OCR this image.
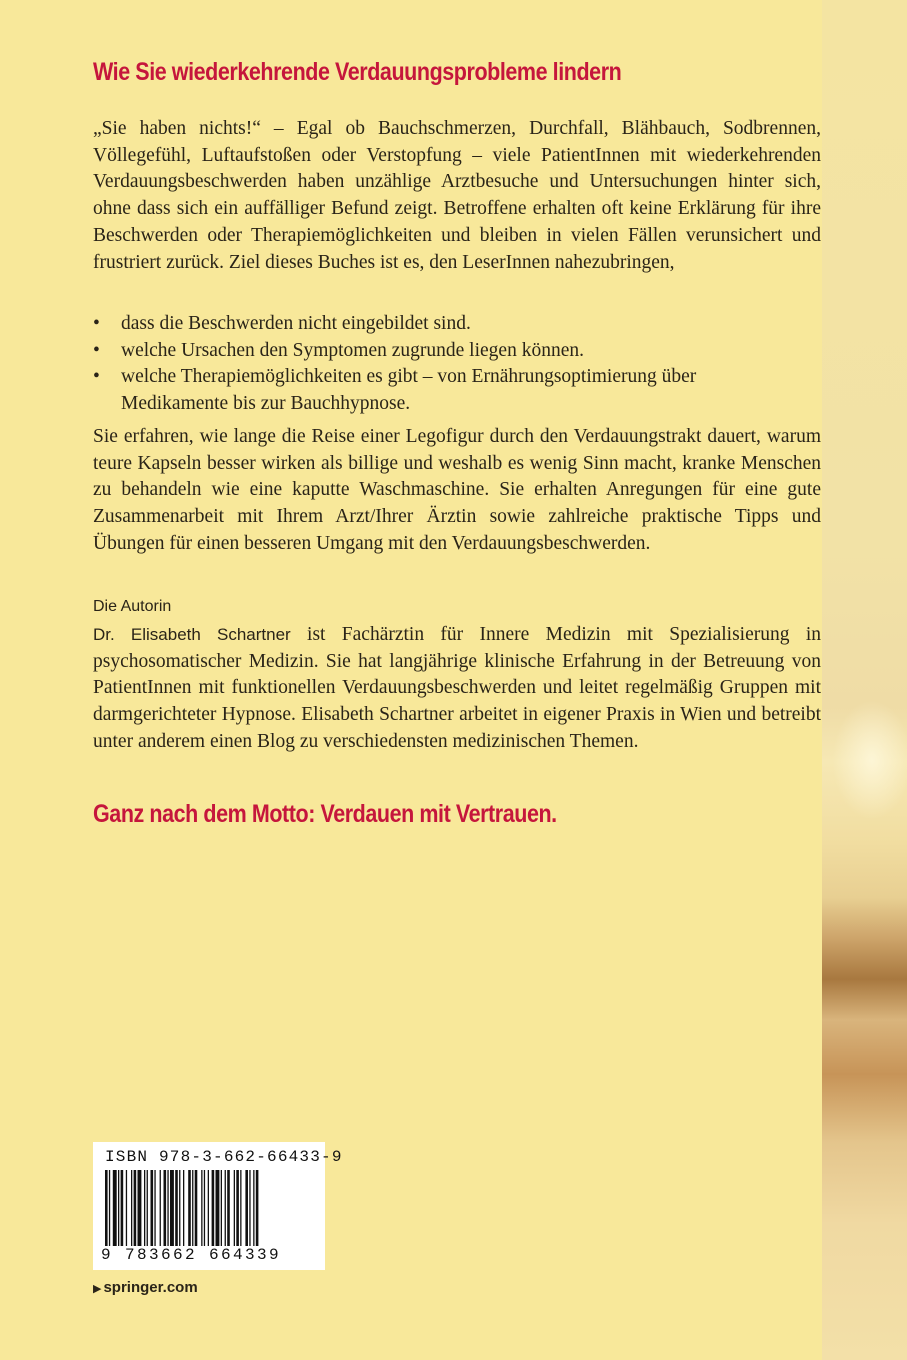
Wie Sie wiederkehrende Verdauungsprobleme lindern

„Sie haben nichts!“ – Egal ob Bauchschmerzen, Durchfall, Blähbauch, Sodbrennen, Völlegefühl, Luftaufstoßen oder Verstopfung – viele PatientInnen mit wiederkehrenden Verdauungsbeschwerden haben unzählige Arztbesuche und Untersuchungen hinter sich, ohne dass sich ein auffälliger Befund zeigt. Betroffene erhalten oft keine Erklärung für ihre Beschwerden oder Therapiemöglichkeiten und bleiben in vielen Fällen verunsichert und frustriert zurück. Ziel dieses Buches ist es, den LeserInnen nahezubringen,

• dass die Beschwerden nicht eingebildet sind.
• welche Ursachen den Symptomen zugrunde liegen können.
• welche Therapiemöglichkeiten es gibt – von Ernährungsoptimierung über Medikamente bis zur Bauchhypnose.

Sie erfahren, wie lange die Reise einer Legofigur durch den Verdauungstrakt dauert, warum teure Kapseln besser wirken als billige und weshalb es wenig Sinn macht, kranke Menschen zu behandeln wie eine kaputte Waschmaschine. Sie erhalten Anregungen für eine gute Zusammenarbeit mit Ihrem Arzt/Ihrer Ärztin sowie zahlreiche praktische Tipps und Übungen für einen besseren Umgang mit den Verdauungsbeschwerden.

Die Autorin

Dr. Elisabeth Schartner ist Fachärztin für Innere Medizin mit Spezialisierung in psychosomatischer Medizin. Sie hat langjährige klinische Erfahrung in der Betreuung von PatientInnen mit funktionellen Verdauungsbeschwerden und leitet regelmäßig Gruppen mit darmgerichteter Hypnose. Elisabeth Schartner arbeitet in eigener Praxis in Wien und betreibt unter anderem einen Blog zu verschiedensten medizinischen Themen.

Ganz nach dem Motto: Verdauen mit Vertrauen.
ISBN 978-3-662-66433-9
9 783662 664339
▶ springer.com
